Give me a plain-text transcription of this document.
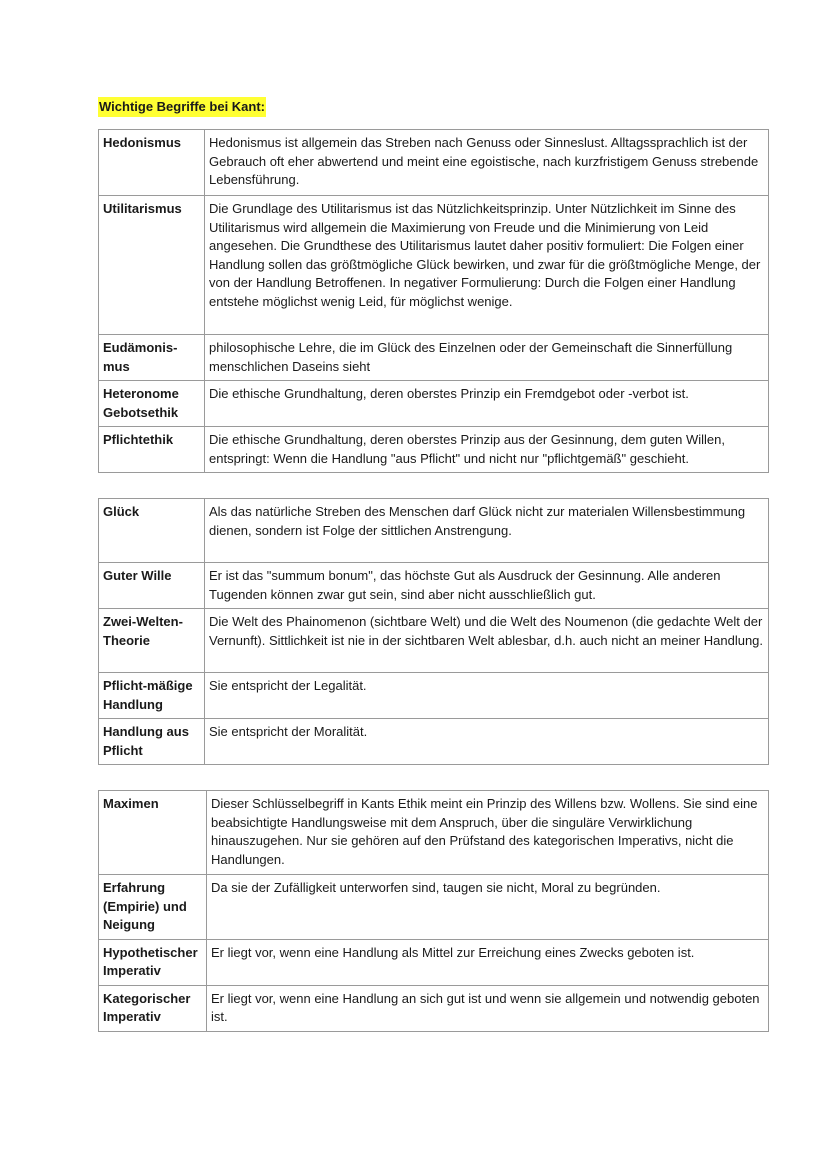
Wichtige Begriffe bei Kant:
Hedonismus	Hedonismus ist allgemein das Streben nach Genuss oder Sinneslust. Alltagssprachlich ist der Gebrauch oft eher abwertend und meint eine egoistische, nach kurzfristigem Genuss strebende Lebensführung.
Utilitarismus	Die Grundlage des Utilitarismus ist das Nützlichkeitsprinzip. Unter Nützlichkeit im Sinne des Utilitarismus wird allgemein die Maximierung von Freude und die Minimierung von Leid angesehen. Die Grundthese des Utilitarismus lautet daher positiv formuliert: Die Folgen einer Handlung sollen das größtmögliche Glück bewirken, und zwar für die größtmögliche Menge, der von der Handlung Betroffenen. In negativer Formulierung: Durch die Folgen einer Handlung entstehe möglichst wenig Leid, für möglichst wenige.
Eudämonis-mus	philosophische Lehre, die im Glück des Einzelnen oder der Gemeinschaft die Sinnerfüllung menschlichen Daseins sieht
Heteronome Gebotsethik	Die ethische Grundhaltung, deren oberstes Prinzip ein Fremdgebot oder -verbot ist.
Pflichtethik	Die ethische Grundhaltung, deren oberstes Prinzip aus der Gesinnung, dem guten Willen, entspringt: Wenn die Handlung "aus Pflicht" und nicht nur "pflichtgemäß" geschieht.
Glück	Als das natürliche Streben des Menschen darf Glück nicht zur materialen Willensbestimmung dienen, sondern ist Folge der sittlichen Anstrengung.
Guter Wille	Er ist das "summum bonum", das höchste Gut als Ausdruck der Gesinnung. Alle anderen Tugenden können zwar gut sein, sind aber nicht ausschließlich gut.
Zwei-Welten-Theorie	Die Welt des Phainomenon (sichtbare Welt) und die Welt des Noumenon (die gedachte Welt der Vernunft). Sittlichkeit ist nie in der sichtbaren Welt ablesbar, d.h. auch nicht an meiner Handlung.
Pflicht-mäßige Handlung	Sie entspricht der Legalität.
Handlung aus Pflicht	Sie entspricht der Moralität.
Maximen	Dieser Schlüsselbegriff in Kants Ethik meint ein Prinzip des Willens bzw. Wollens. Sie sind eine beabsichtigte Handlungsweise mit dem Anspruch, über die singuläre Verwirklichung hinauszugehen. Nur sie gehören auf den Prüfstand des kategorischen Imperativs, nicht die Handlungen.
Erfahrung (Empirie) und Neigung	Da sie der Zufälligkeit unterworfen sind, taugen sie nicht, Moral zu begründen.
Hypothetischer Imperativ	Er liegt vor, wenn eine Handlung als Mittel zur Erreichung eines Zwecks geboten ist.
Kategorischer Imperativ	Er liegt vor, wenn eine Handlung an sich gut ist und wenn sie allgemein und notwendig geboten ist.
